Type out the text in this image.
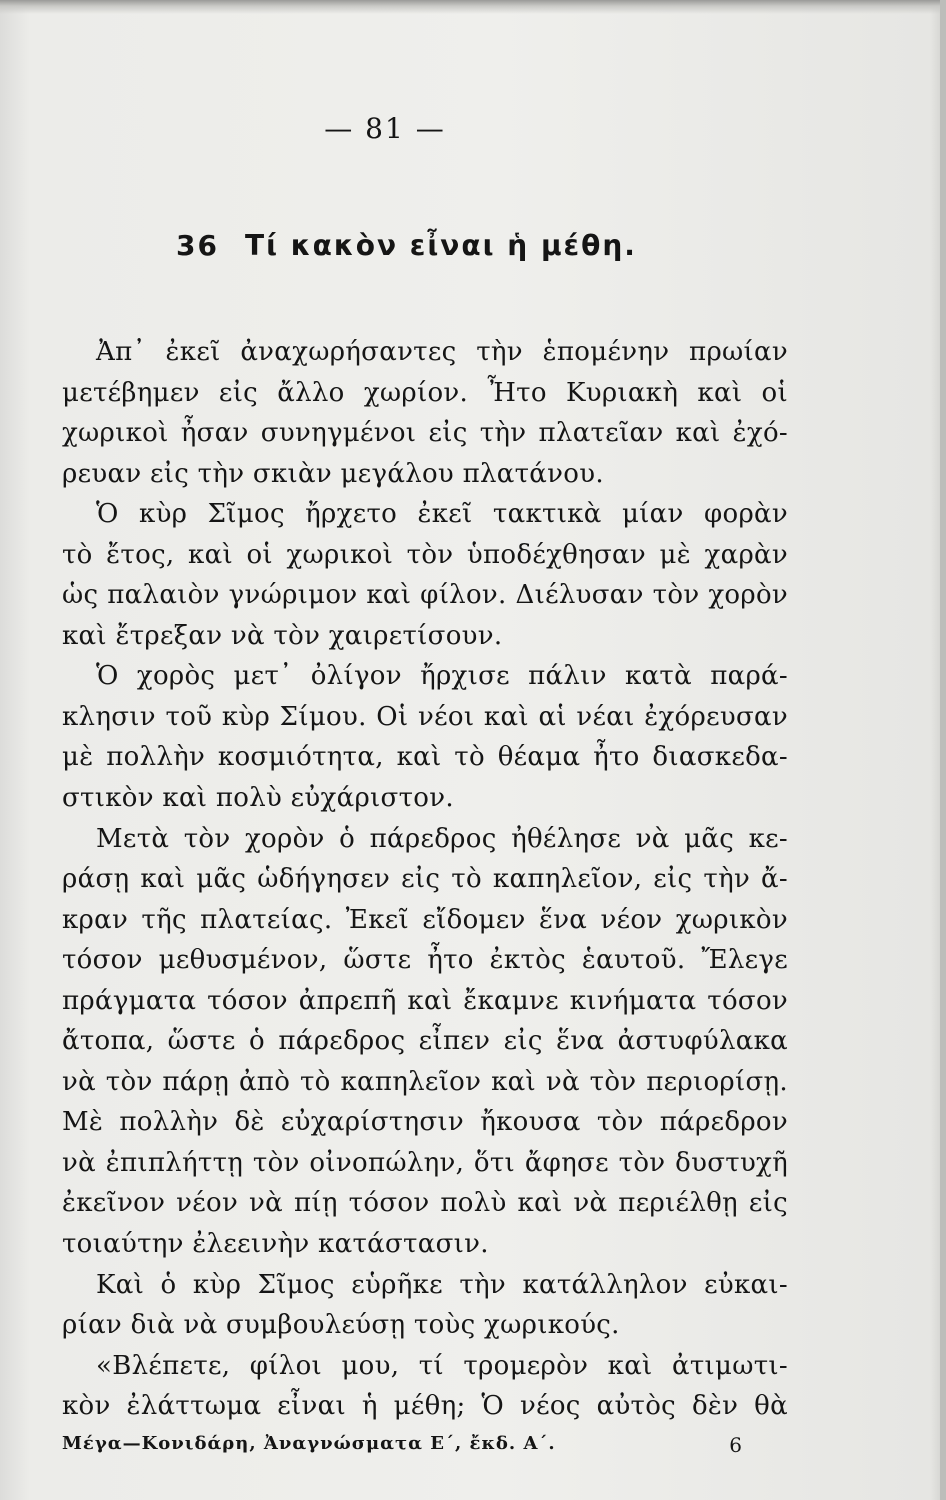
— 81 —
36 Τί κακὸν εἶναι ἡ μέθη.
Ἀπ᾽ ἐκεῖ ἀναχωρήσαντες τὴν ἑπομένην πρωίαν
μετέβημεν εἰς ἄλλο χωρίον. Ἦτο Κυριακὴ καὶ οἱ
χωρικοὶ ἦσαν συνηγμένοι εἰς τὴν πλατεῖαν καὶ ἐχό-
ρευαν εἰς τὴν σκιὰν μεγάλου πλατάνου.
Ὁ κὺρ Σῖμος ἤρχετο ἐκεῖ τακτικὰ μίαν φορὰν
τὸ ἔτος, καὶ οἱ χωρικοὶ τὸν ὑποδέχθησαν μὲ χαρὰν
ὡς παλαιὸν γνώριμον καὶ φίλον. Διέλυσαν τὸν χορὸν
καὶ ἔτρεξαν νὰ τὸν χαιρετίσουν.
Ὁ χορὸς μετ᾽ ὀλίγον ἤρχισε πάλιν κατὰ παρά-
κλησιν τοῦ κὺρ Σίμου. Οἱ νέοι καὶ αἱ νέαι ἐχόρευσαν
μὲ πολλὴν κοσμιότητα, καὶ τὸ θέαμα ἦτο διασκεδα-
στικὸν καὶ πολὺ εὐχάριστον.
Μετὰ τὸν χορὸν ὁ πάρεδρος ἠθέλησε νὰ μᾶς κε-
ράσῃ καὶ μᾶς ὡδήγησεν εἰς τὸ καπηλεῖον, εἰς τὴν ἄ-
κραν τῆς πλατείας. Ἐκεῖ εἴδομεν ἕνα νέον χωρικὸν
τόσον μεθυσμένον, ὥστε ἦτο ἐκτὸς ἑαυτοῦ. Ἔλεγε
πράγματα τόσον ἀπρεπῆ καὶ ἔκαμνε κινήματα τόσον
ἄτοπα, ὥστε ὁ πάρεδρος εἶπεν εἰς ἕνα ἀστυφύλακα
νὰ τὸν πάρῃ ἀπὸ τὸ καπηλεῖον καὶ νὰ τὸν περιορίσῃ.
Μὲ πολλὴν δὲ εὐχαρίστησιν ἤκουσα τὸν πάρεδρον
νὰ ἐπιπλήττῃ τὸν οἰνοπώλην, ὅτι ἄφησε τὸν δυστυχῆ
ἐκεῖνον νέον νὰ πίῃ τόσον πολὺ καὶ νὰ περιέλθῃ εἰς
τοιαύτην ἐλεεινὴν κατάστασιν.
Καὶ ὁ κὺρ Σῖμος εὑρῆκε τὴν κατάλληλον εὐκαι-
ρίαν διὰ νὰ συμβουλεύσῃ τοὺς χωρικούς.
«Βλέπετε, φίλοι μου, τί τρομερὸν καὶ ἀτιμωτι-
κὸν ἐλάττωμα εἶναι ἡ μέθη; Ὁ νέος αὐτὸς δὲν θὰ
Μέγα—Κονιδάρη, Ἀναγνώσματα Ε´, ἔκδ. Α´.	6
